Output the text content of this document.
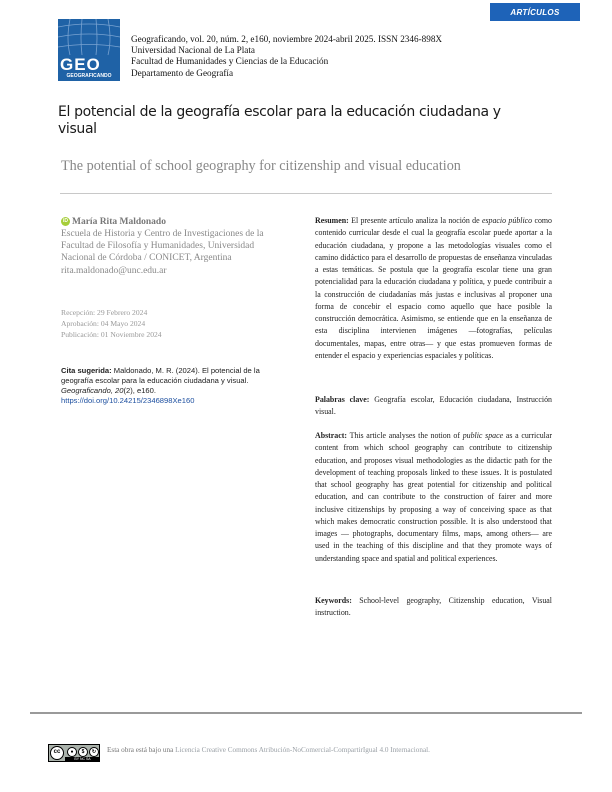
ARTÍCULOS
GEO
GEOGRAFICANDO
Geograficando, vol. 20, núm. 2, e160, noviembre 2024-abril 2025. ISSN 2346-898X
Universidad Nacional de La Plata
Facultad de Humanidades y Ciencias de la Educación
Departamento de Geografía
El potencial de la geografía escolar para la educación ciudadana y visual
The potential of school geography for citizenship and visual education
iD María Rita Maldonado
Escuela de Historia y Centro de Investigaciones de la
Facultad de Filosofía y Humanidades, Universidad
Nacional de Córdoba / CONICET, Argentina
rita.maldonado@unc.edu.ar
Recepción: 29 Febrero 2024
Aprobación: 04 Mayo 2024
Publicación: 01 Noviembre 2024
Cita sugerida: Maldonado, M. R. (2024). El potencial de la geografía escolar para la educación ciudadana y visual. Geograficando, 20(2), e160.
https://doi.org/10.24215/2346898Xe160

Resumen: El presente artículo analiza la noción de espacio público como contenido curricular desde el cual la geografía escolar puede aportar a la educación ciudadana, y propone a las metodologías visuales como el camino didáctico para el desarrollo de propuestas de enseñanza vinculadas a estas temáticas. Se postula que la geografía escolar tiene una gran potencialidad para la educación ciudadana y política, y puede contribuir a la construcción de ciudadanías más justas e inclusivas al proponer una forma de concebir el espacio como aquello que hace posible la construcción democrática. Asimismo, se entiende que en la enseñanza de esta disciplina intervienen imágenes —fotografías, películas documentales, mapas, entre otras— y que estas promueven formas de entender el espacio y experiencias espaciales y políticas.

Palabras clave: Geografía escolar, Educación ciudadana, Instrucción visual.
Abstract: This article analyses the notion of public space as a curricular content from which school geography can contribute to citizenship education, and proposes visual methodologies as the didactic path for the development of teaching proposals linked to these issues. It is postulated that school geography has great potential for citizenship and political education, and can contribute to the construction of fairer and more inclusive citizenships by proposing a way of conceiving space as that which makes democratic construction possible. It is also understood that images — photographs, documentary films, maps, among others— are used in the teaching of this discipline and that they promote ways of understanding space and spatial and political experiences.
Keywords: School-level geography, Citizenship education, Visual instruction.
cc	●	$	↻
BY NC SA
Esta obra está bajo una Licencia Creative Commons Atribución-NoComercial-CompartirIgual 4.0 Internacional.
